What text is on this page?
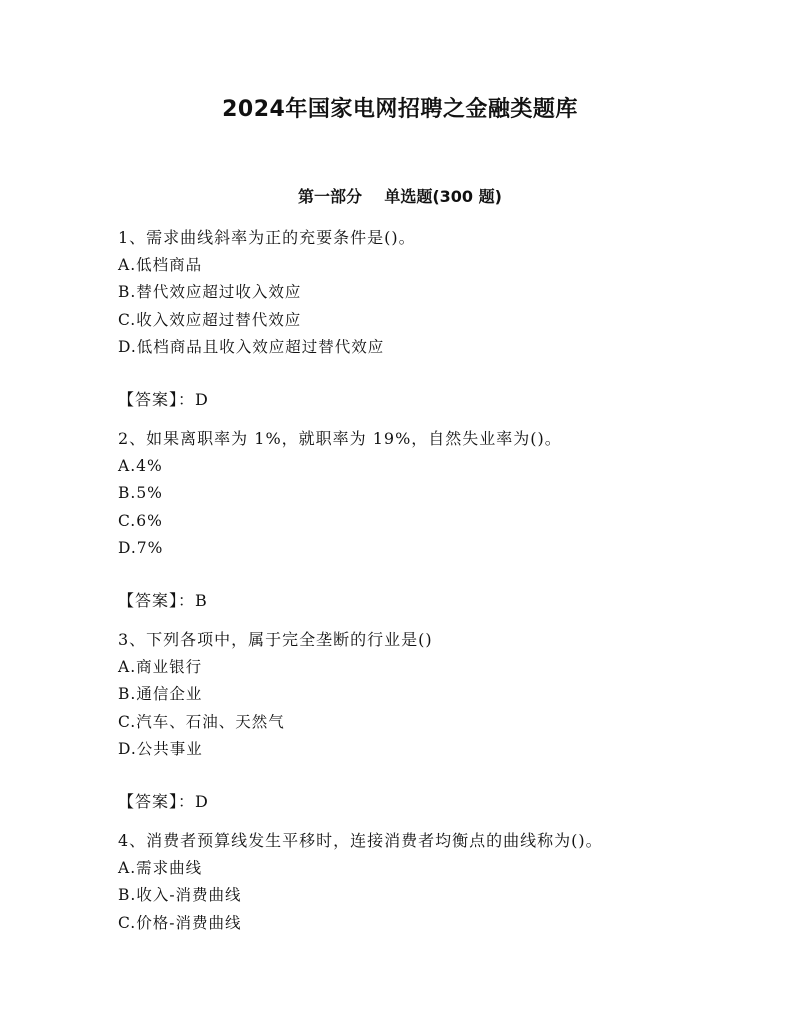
2024年国家电网招聘之金融类题库
第一部分    单选题(300 题)
1、需求曲线斜率为正的充要条件是()。
A.低档商品
B.替代效应超过收入效应
C.收入效应超过替代效应
D.低档商品且收入效应超过替代效应
【答案】：D
2、如果离职率为 1%，就职率为 19%，自然失业率为()。
A.4%
B.5%
C.6%
D.7%
【答案】：B
3、下列各项中，属于完全垄断的行业是()
A.商业银行
B.通信企业
C.汽车、石油、天然气
D.公共事业
【答案】：D
4、消费者预算线发生平移时，连接消费者均衡点的曲线称为()。
A.需求曲线
B.收入-消费曲线
C.价格-消费曲线
